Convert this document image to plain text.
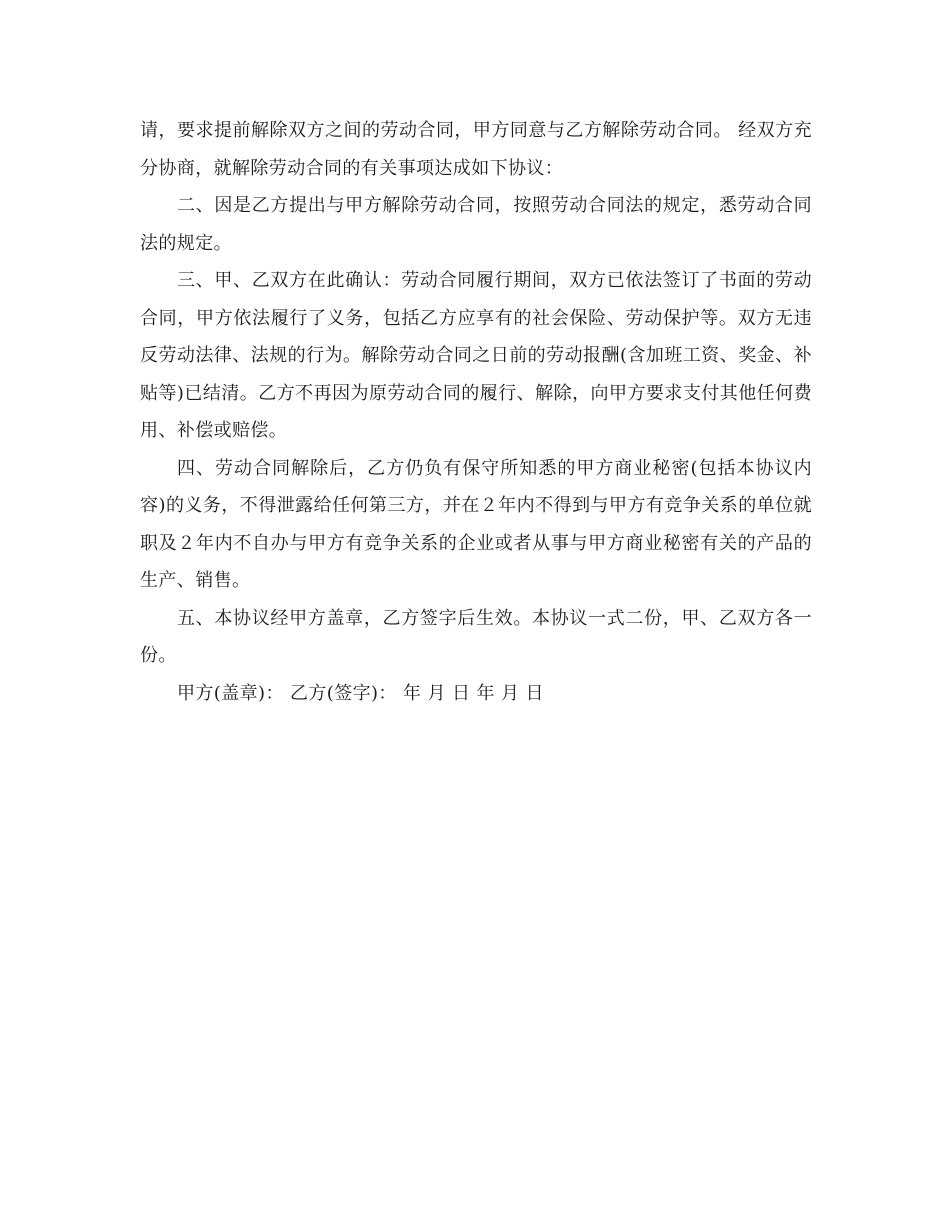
请，要求提前解除双方之间的劳动合同，甲方同意与乙方解除劳动合同。 经双方充分协商，就解除劳动合同的有关事项达成如下协议：

二、因是乙方提出与甲方解除劳动合同，按照劳动合同法的规定，悉劳动合同法的规定。

三、甲、乙双方在此确认：劳动合同履行期间，双方已依法签订了书面的劳动合同，甲方依法履行了义务，包括乙方应享有的社会保险、劳动保护等。双方无违反劳动法律、法规的行为。解除劳动合同之日前的劳动报酬(含加班工资、奖金、补贴等)已结清。乙方不再因为原劳动合同的履行、解除，向甲方要求支付其他任何费用、补偿或赔偿。

四、劳动合同解除后，乙方仍负有保守所知悉的甲方商业秘密(包括本协议内容)的义务，不得泄露给任何第三方，并在２年内不得到与甲方有竞争关系的单位就职及２年内不自办与甲方有竞争关系的企业或者从事与甲方商业秘密有关的产品的生产、销售。

五、本协议经甲方盖章，乙方签字后生效。本协议一式二份，甲、乙双方各一份。

甲方(盖章)： 乙方(签字)： 年 月 日 年 月 日
